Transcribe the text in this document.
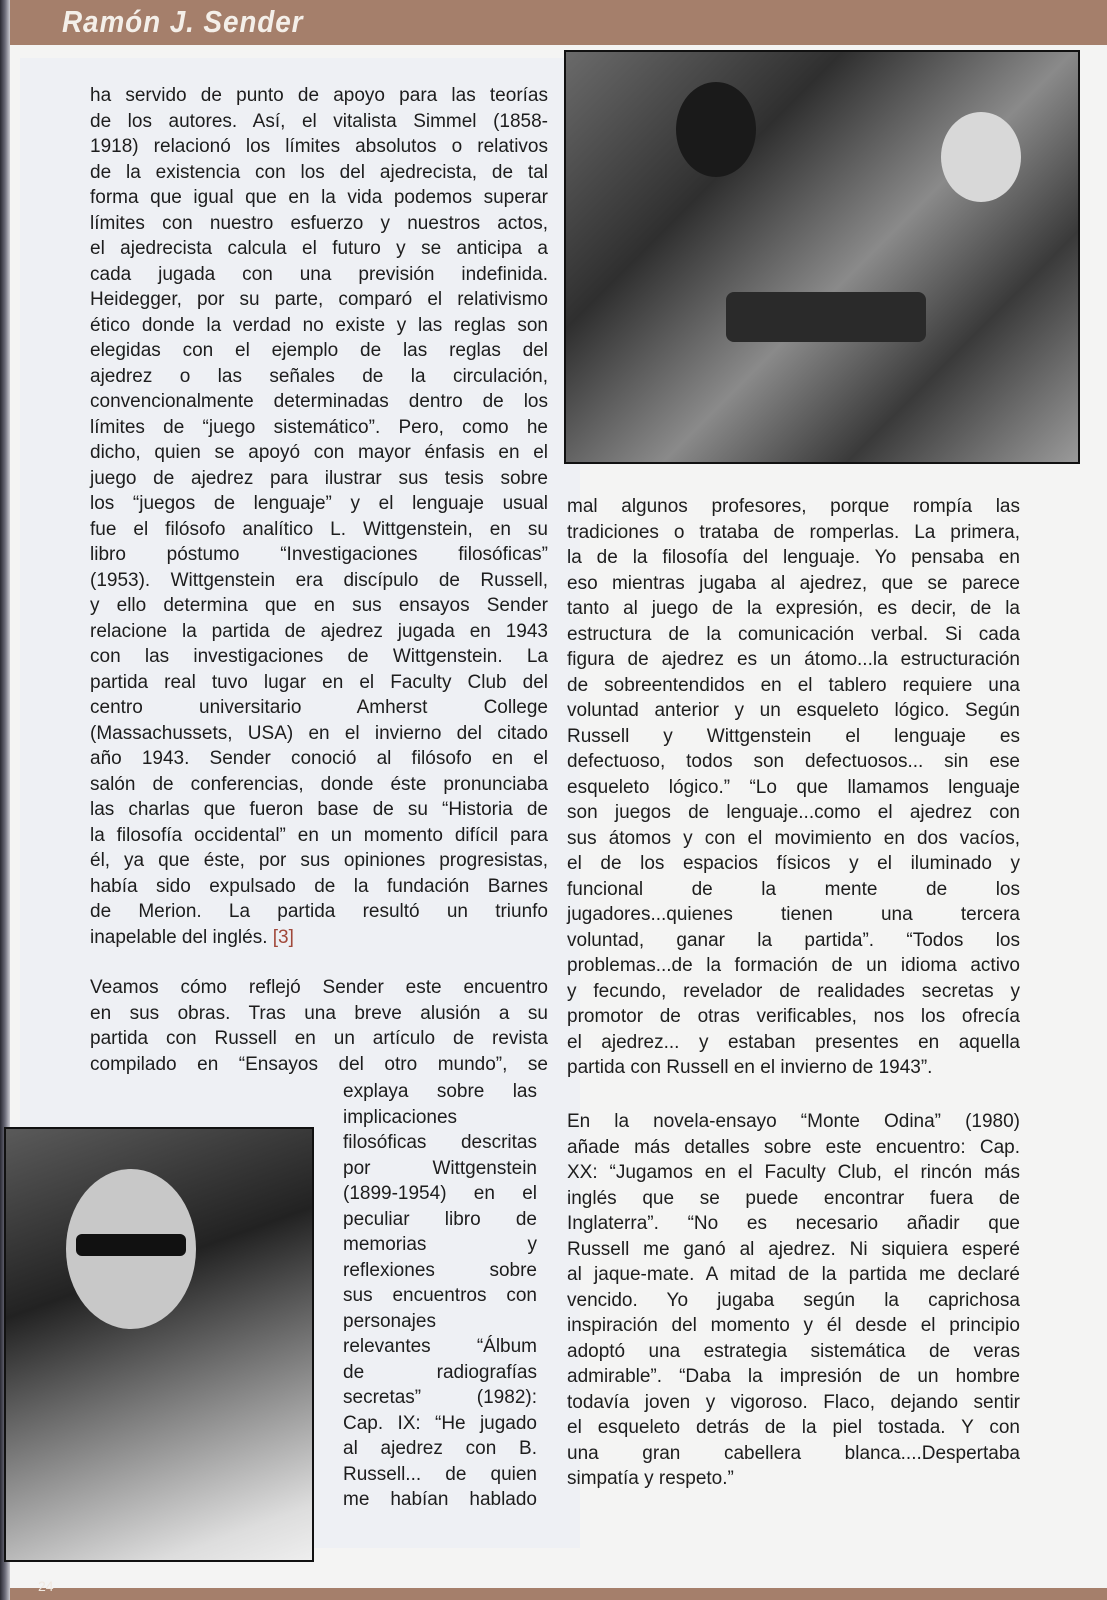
Ramón J. Sender
ha servido de punto de apoyo para las teorías
de los autores. Así, el vitalista Simmel (1858-
1918) relacionó los límites absolutos o relativos
de la existencia con los del ajedrecista, de tal
forma que igual que en la vida podemos superar
límites con nuestro esfuerzo y nuestros actos,
el ajedrecista calcula el futuro y se anticipa a
cada jugada con una previsión indefinida.
Heidegger, por su parte, comparó el relativismo
ético donde la verdad no existe y las reglas son
elegidas con el ejemplo de las reglas del
ajedrez o las señales de la circulación,
convencionalmente determinadas dentro de los
límites de “juego sistemático”. Pero, como he
dicho, quien se apoyó con mayor énfasis en el
juego de ajedrez para ilustrar sus tesis sobre
los “juegos de lenguaje” y el lenguaje usual
fue el filósofo analítico L. Wittgenstein, en su
libro póstumo “Investigaciones filosóficas”
(1953). Wittgenstein era discípulo de Russell,
y ello determina que en sus ensayos Sender
relacione la partida de ajedrez jugada en 1943
con las investigaciones de Wittgenstein. La
partida real tuvo lugar en el Faculty Club del
centro universitario Amherst College
(Massachussets, USA) en el invierno del citado
año 1943. Sender conoció al filósofo en el
salón de conferencias, donde éste pronunciaba
las charlas que fueron base de su “Historia de
la filosofía occidental” en un momento difícil para
él, ya que éste, por sus opiniones progresistas,
había sido expulsado de la fundación Barnes
de Merion. La partida resultó un triunfo
inapelable del inglés. [3]
Veamos cómo reflejó Sender este encuentro
en sus obras. Tras una breve alusión a su
partida con Russell en un artículo de revista
compilado en “Ensayos del otro mundo”, se
explaya sobre las
implicaciones
filosóficas descritas
por Wittgenstein
(1899-1954) en el
peculiar libro de
memorias y
reflexiones sobre
sus encuentros con
personajes
relevantes “Álbum
de radiografías
secretas” (1982):
Cap. IX: “He jugado
al ajedrez con B.
Russell... de quien
me habían hablado
mal algunos profesores, porque rompía las
tradiciones o trataba de romperlas. La primera,
la de la filosofía del lenguaje. Yo pensaba en
eso mientras jugaba al ajedrez, que se parece
tanto al juego de la expresión, es decir, de la
estructura de la comunicación verbal. Si cada
figura de ajedrez es un átomo...la estructuración
de sobreentendidos en el tablero requiere una
voluntad anterior y un esqueleto lógico. Según
Russell y Wittgenstein el lenguaje es
defectuoso, todos son defectuosos... sin ese
esqueleto lógico.” “Lo que llamamos lenguaje
son juegos de lenguaje...como el ajedrez con
sus átomos y con el movimiento en dos vacíos,
el de los espacios físicos y el iluminado y
funcional de la mente de los
jugadores...quienes tienen una tercera
voluntad, ganar la partida”. “Todos los
problemas...de la formación de un idioma activo
y fecundo, revelador de realidades secretas y
promotor de otras verificables, nos los ofrecía
el ajedrez... y estaban presentes en aquella
partida con Russell en el invierno de 1943”.
En la novela-ensayo “Monte Odina” (1980)
añade más detalles sobre este encuentro: Cap.
XX: “Jugamos en el Faculty Club, el rincón más
inglés que se puede encontrar fuera de
Inglaterra”. “No es necesario añadir que
Russell me ganó al ajedrez. Ni siquiera esperé
al jaque-mate. A mitad de la partida me declaré
vencido. Yo jugaba según la caprichosa
inspiración del momento y él desde el principio
adoptó una estrategia sistemática de veras
admirable”. “Daba la impresión de un hombre
todavía joven y vigoroso. Flaco, dejando sentir
el esqueleto detrás de la piel tostada. Y con
una gran cabellera blanca....Despertaba
simpatía y respeto.”
24
